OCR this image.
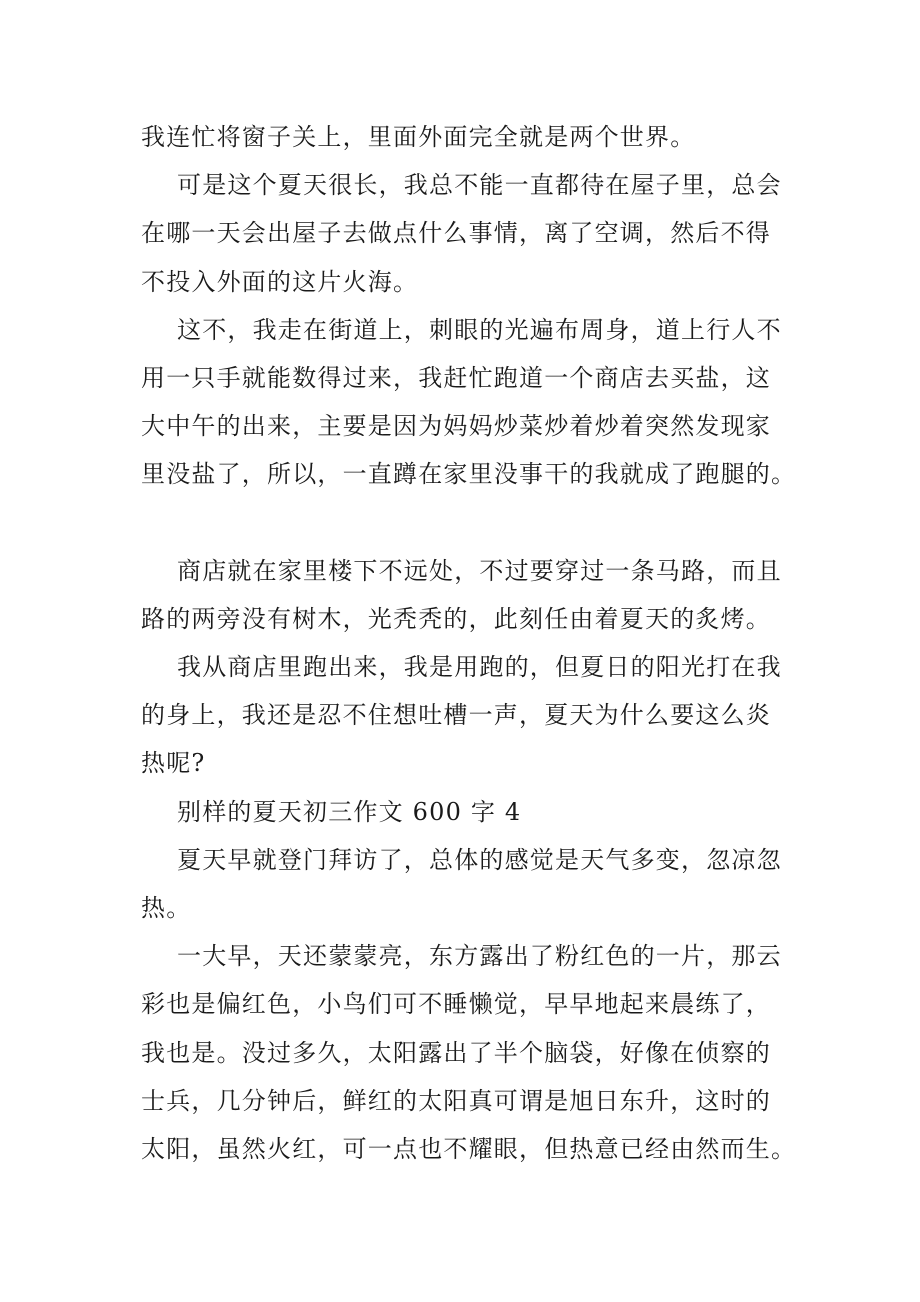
我连忙将窗子关上，里面外面完全就是两个世界。
可是这个夏天很长，我总不能一直都待在屋子里，总会
在哪一天会出屋子去做点什么事情，离了空调，然后不得
不投入外面的这片火海。
这不，我走在街道上，刺眼的光遍布周身，道上行人不
用一只手就能数得过来，我赶忙跑道一个商店去买盐，这
大中午的出来，主要是因为妈妈炒菜炒着炒着突然发现家
里没盐了，所以，一直蹲在家里没事干的我就成了跑腿的。
商店就在家里楼下不远处，不过要穿过一条马路，而且
路的两旁没有树木，光秃秃的，此刻任由着夏天的炙烤。
我从商店里跑出来，我是用跑的，但夏日的阳光打在我
的身上，我还是忍不住想吐槽一声，夏天为什么要这么炎
热呢?
别样的夏天初三作文 600 字 4
夏天早就登门拜访了，总体的感觉是天气多变，忽凉忽
热。
一大早，天还蒙蒙亮，东方露出了粉红色的一片，那云
彩也是偏红色，小鸟们可不睡懒觉，早早地起来晨练了，
我也是。没过多久，太阳露出了半个脑袋，好像在侦察的
士兵，几分钟后，鲜红的太阳真可谓是旭日东升，这时的
太阳，虽然火红，可一点也不耀眼，但热意已经由然而生。
